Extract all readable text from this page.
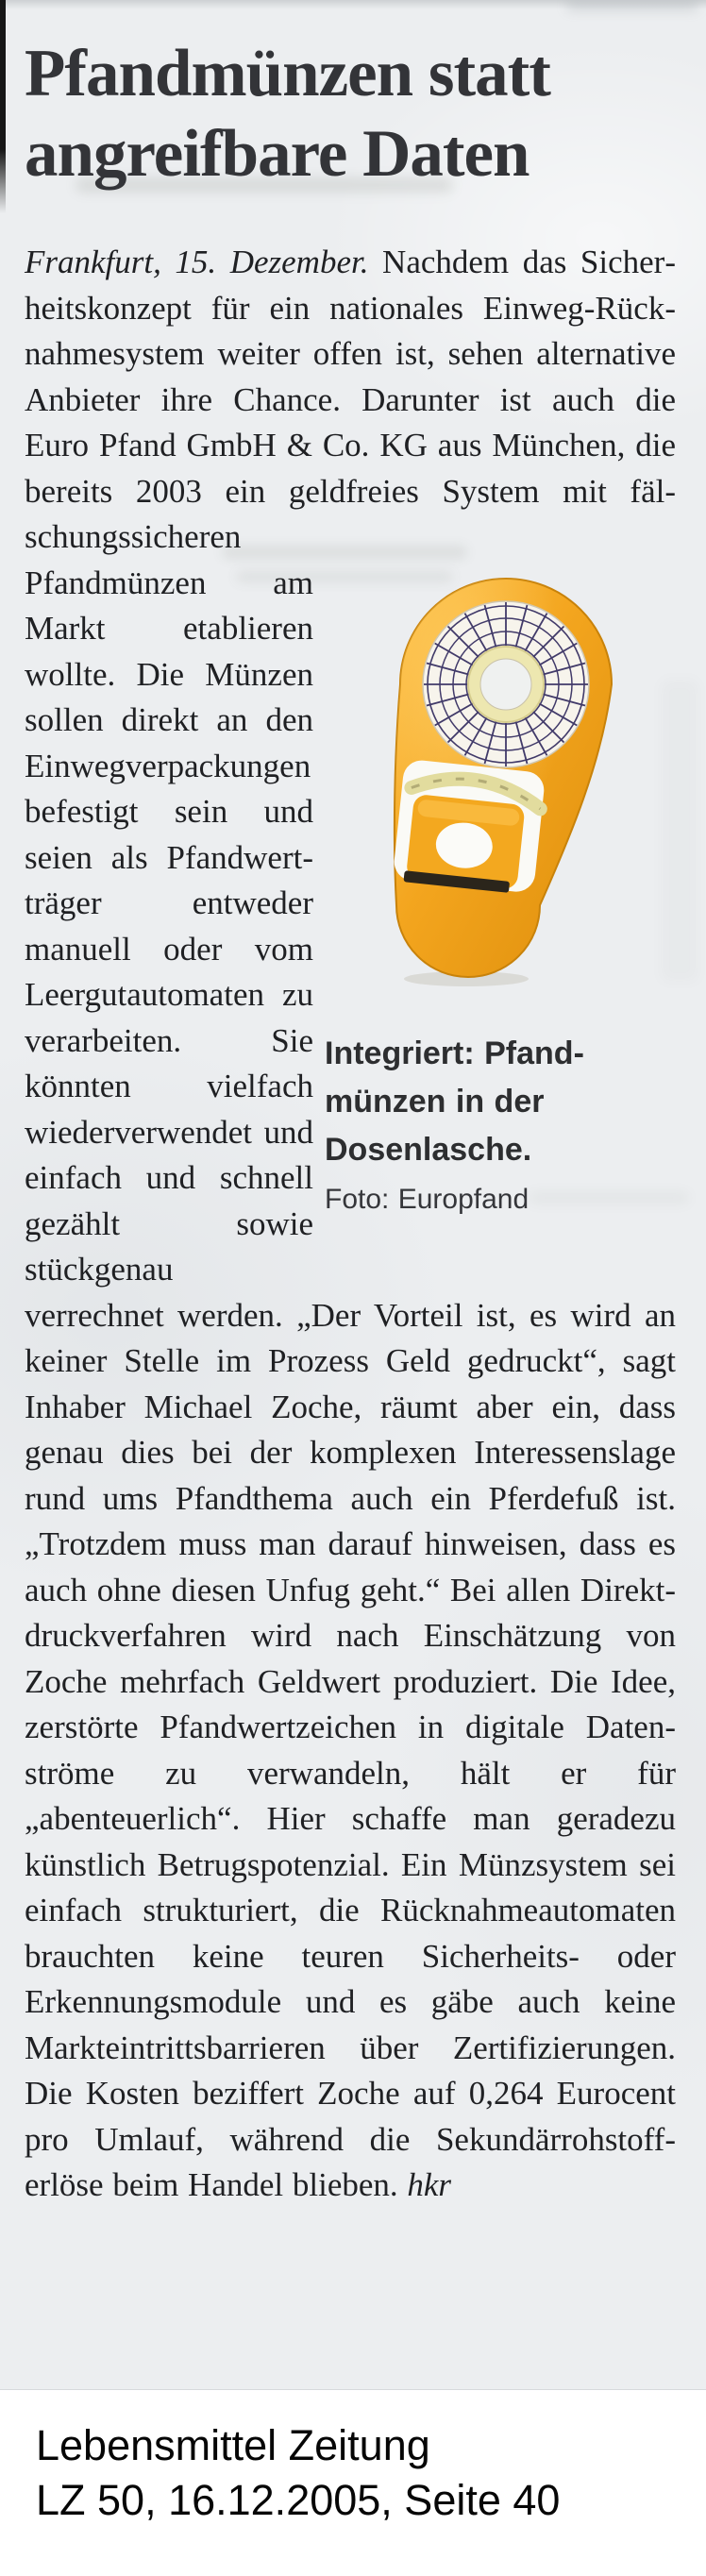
Pfandmünzen statt angreifbare Daten

Frankfurt, 15. Dezember. Nachdem das Sicherheitskonzept für ein nationales Einweg-Rücknahmesystem weiter offen ist, sehen alternative Anbieter ihre Chance. Darunter ist auch die Euro Pfand GmbH & Co. KG aus München, die bereits 2003 ein geldfreies System mit
Integriert: Pfandmünzen in der Dosenlasche.
Foto: Europfand
fälschungssicheren Pfandmünzen am Markt etablieren wollte. Die Münzen sollen direkt an den Einwegverpackungen befestigt sein und seien als Pfandwertträger entweder manuell oder vom Leergutautomaten zu verarbeiten. Sie könnten vielfach wiederverwendet und einfach und schnell gezählt sowie stückgenau verrechnet werden. „Der Vorteil ist, es wird an keiner Stelle im Prozess Geld gedruckt“, sagt Inhaber Michael Zoche, räumt aber ein, dass genau dies bei der komplexen Interessenslage rund ums Pfandthema auch ein Pferdefuß ist. „Trotzdem muss man darauf hinweisen, dass es auch ohne diesen Unfug geht.“ Bei allen Direktdruckverfahren wird nach Einschätzung von Zoche mehrfach Geldwert produziert. Die Idee, zerstörte Pfandwertzeichen in digitale Datenströme zu verwandeln, hält er für „abenteuerlich“. Hier schaffe man geradezu künstlich Betrugspotenzial. Ein Münzsystem sei einfach strukturiert, die Rücknahmeautomaten brauchten keine teuren Sicherheits- oder Erkennungsmodule und es gäbe auch keine Markteintrittsbarrieren über Zertifizierungen. Die Kosten beziffert Zoche auf 0,264 Eurocent pro Umlauf, während die Sekundärrohstofferlöse beim Handel blieben. hkr

Lebensmittel Zeitung
LZ 50, 16.12.2005, Seite 40
